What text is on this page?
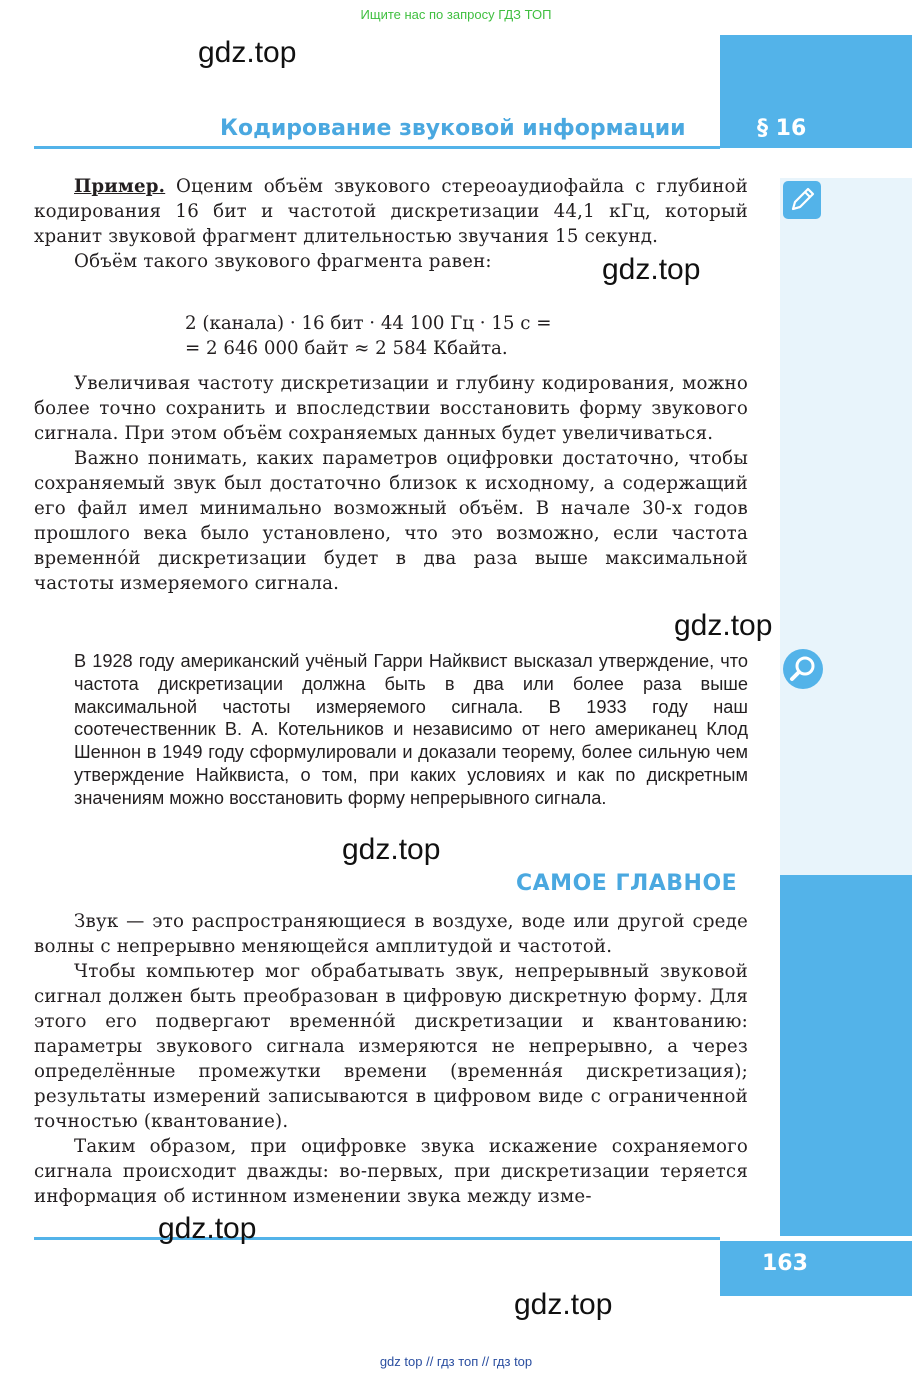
Ищите нас по запросу ГДЗ ТОП
Кодирование звуковой информации	§ 16

Пример. Оценим объём звукового стереоаудиофайла с глубиной кодирования 16 бит и частотой дискретизации 44,1 кГц, который хранит звуковой фрагмент длительностью звучания 15 секунд.

Объём такого звукового фрагмента равен:

2 (канала) · 16 бит · 44 100 Гц · 15 с =
= 2 646 000 байт ≈ 2 584 Кбайта.

Увеличивая частоту дискретизации и глубину кодирования, можно более точно сохранить и впоследствии восстановить форму звукового сигнала. При этом объём сохраняемых данных будет увеличиваться.

Важно понимать, каких параметров оцифровки достаточно, чтобы сохраняемый звук был достаточно близок к исходному, а содержащий его файл имел минимально возможный объём. В начале 30-х годов прошлого века было установлено, что это возможно, если частота временно́й дискретизации будет в два раза выше максимальной частоты измеряемого сигнала.

В 1928 году американский учёный Гарри Найквист высказал утверждение, что частота дискретизации должна быть в два или более раза выше максимальной частоты измеряемого сигнала. В 1933 году наш соотечественник В. А. Котельников и независимо от него американец Клод Шеннон в 1949 году сформулировали и доказали теорему, более сильную чем утверждение Найквиста, о том, при каких условиях и как по дискретным значениям можно восстановить форму непрерывного сигнала.
САМОЕ ГЛАВНОЕ

Звук — это распространяющиеся в воздухе, воде или другой среде волны с непрерывно меняющейся амплитудой и частотой.

Чтобы компьютер мог обрабатывать звук, непрерывный звуковой сигнал должен быть преобразован в цифровую дискретную форму. Для этого его подвергают временно́й дискретизации и квантованию: параметры звукового сигнала измеряются не непрерывно, а через определённые промежутки времени (временна́я дискретизация); результаты измерений записываются в цифровом виде с ограниченной точностью (квантование).

Таким образом, при оцифровке звука искажение сохраняемого сигнала происходит дважды: во-первых, при дискретизации теряется информация об истинном изменении звука между изме-

163
gdz.top
gdz.top
gdz.top
gdz.top
gdz.top
gdz.top
gdz top // гдз топ // гдз top
